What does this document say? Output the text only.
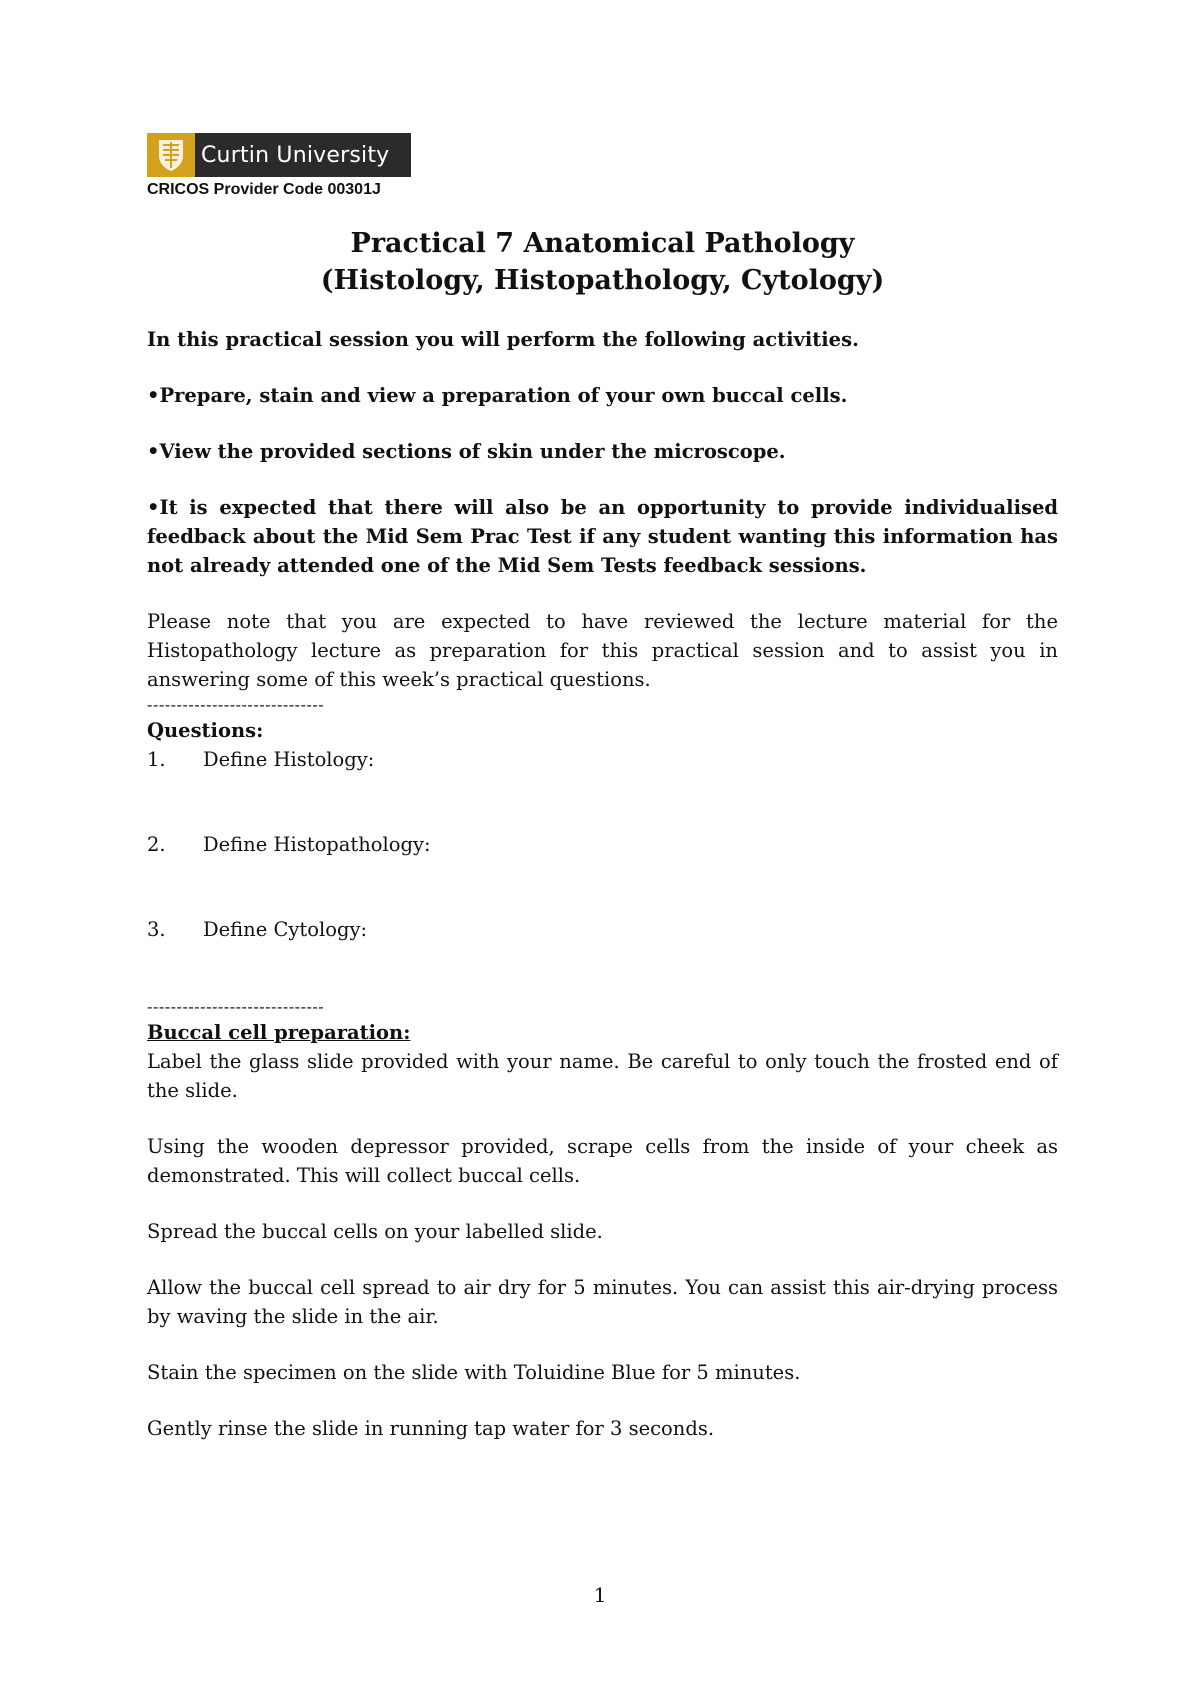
Curtin University
CRICOS Provider Code 00301J
Practical 7 Anatomical Pathology
(Histology, Histopathology, Cytology)

In this practical session you will perform the following activities.

•Prepare, stain and view a preparation of your own buccal cells.

•View the provided sections of skin under the microscope.

•It is expected that there will also be an opportunity to provide individualised feedback about the Mid Sem Prac Test if any student wanting this information has not already attended one of the Mid Sem Tests feedback sessions.

Please note that you are expected to have reviewed the lecture material for the Histopathology lecture as preparation for this practical session and to assist you in answering some of this week’s practical questions.

------------------------------

Questions:

1.	Define Histology:
2.	Define Histopathology:
3.	Define Cytology:
------------------------------

Buccal cell preparation:

Label the glass slide provided with your name. Be careful to only touch the frosted end of the slide.

Using the wooden depressor provided, scrape cells from the inside of your cheek as demonstrated. This will collect buccal cells.

Spread the buccal cells on your labelled slide.

Allow the buccal cell spread to air dry for 5 minutes. You can assist this air-drying process by waving the slide in the air.

Stain the specimen on the slide with Toluidine Blue for 5 minutes.

Gently rinse the slide in running tap water for 3 seconds.

1
